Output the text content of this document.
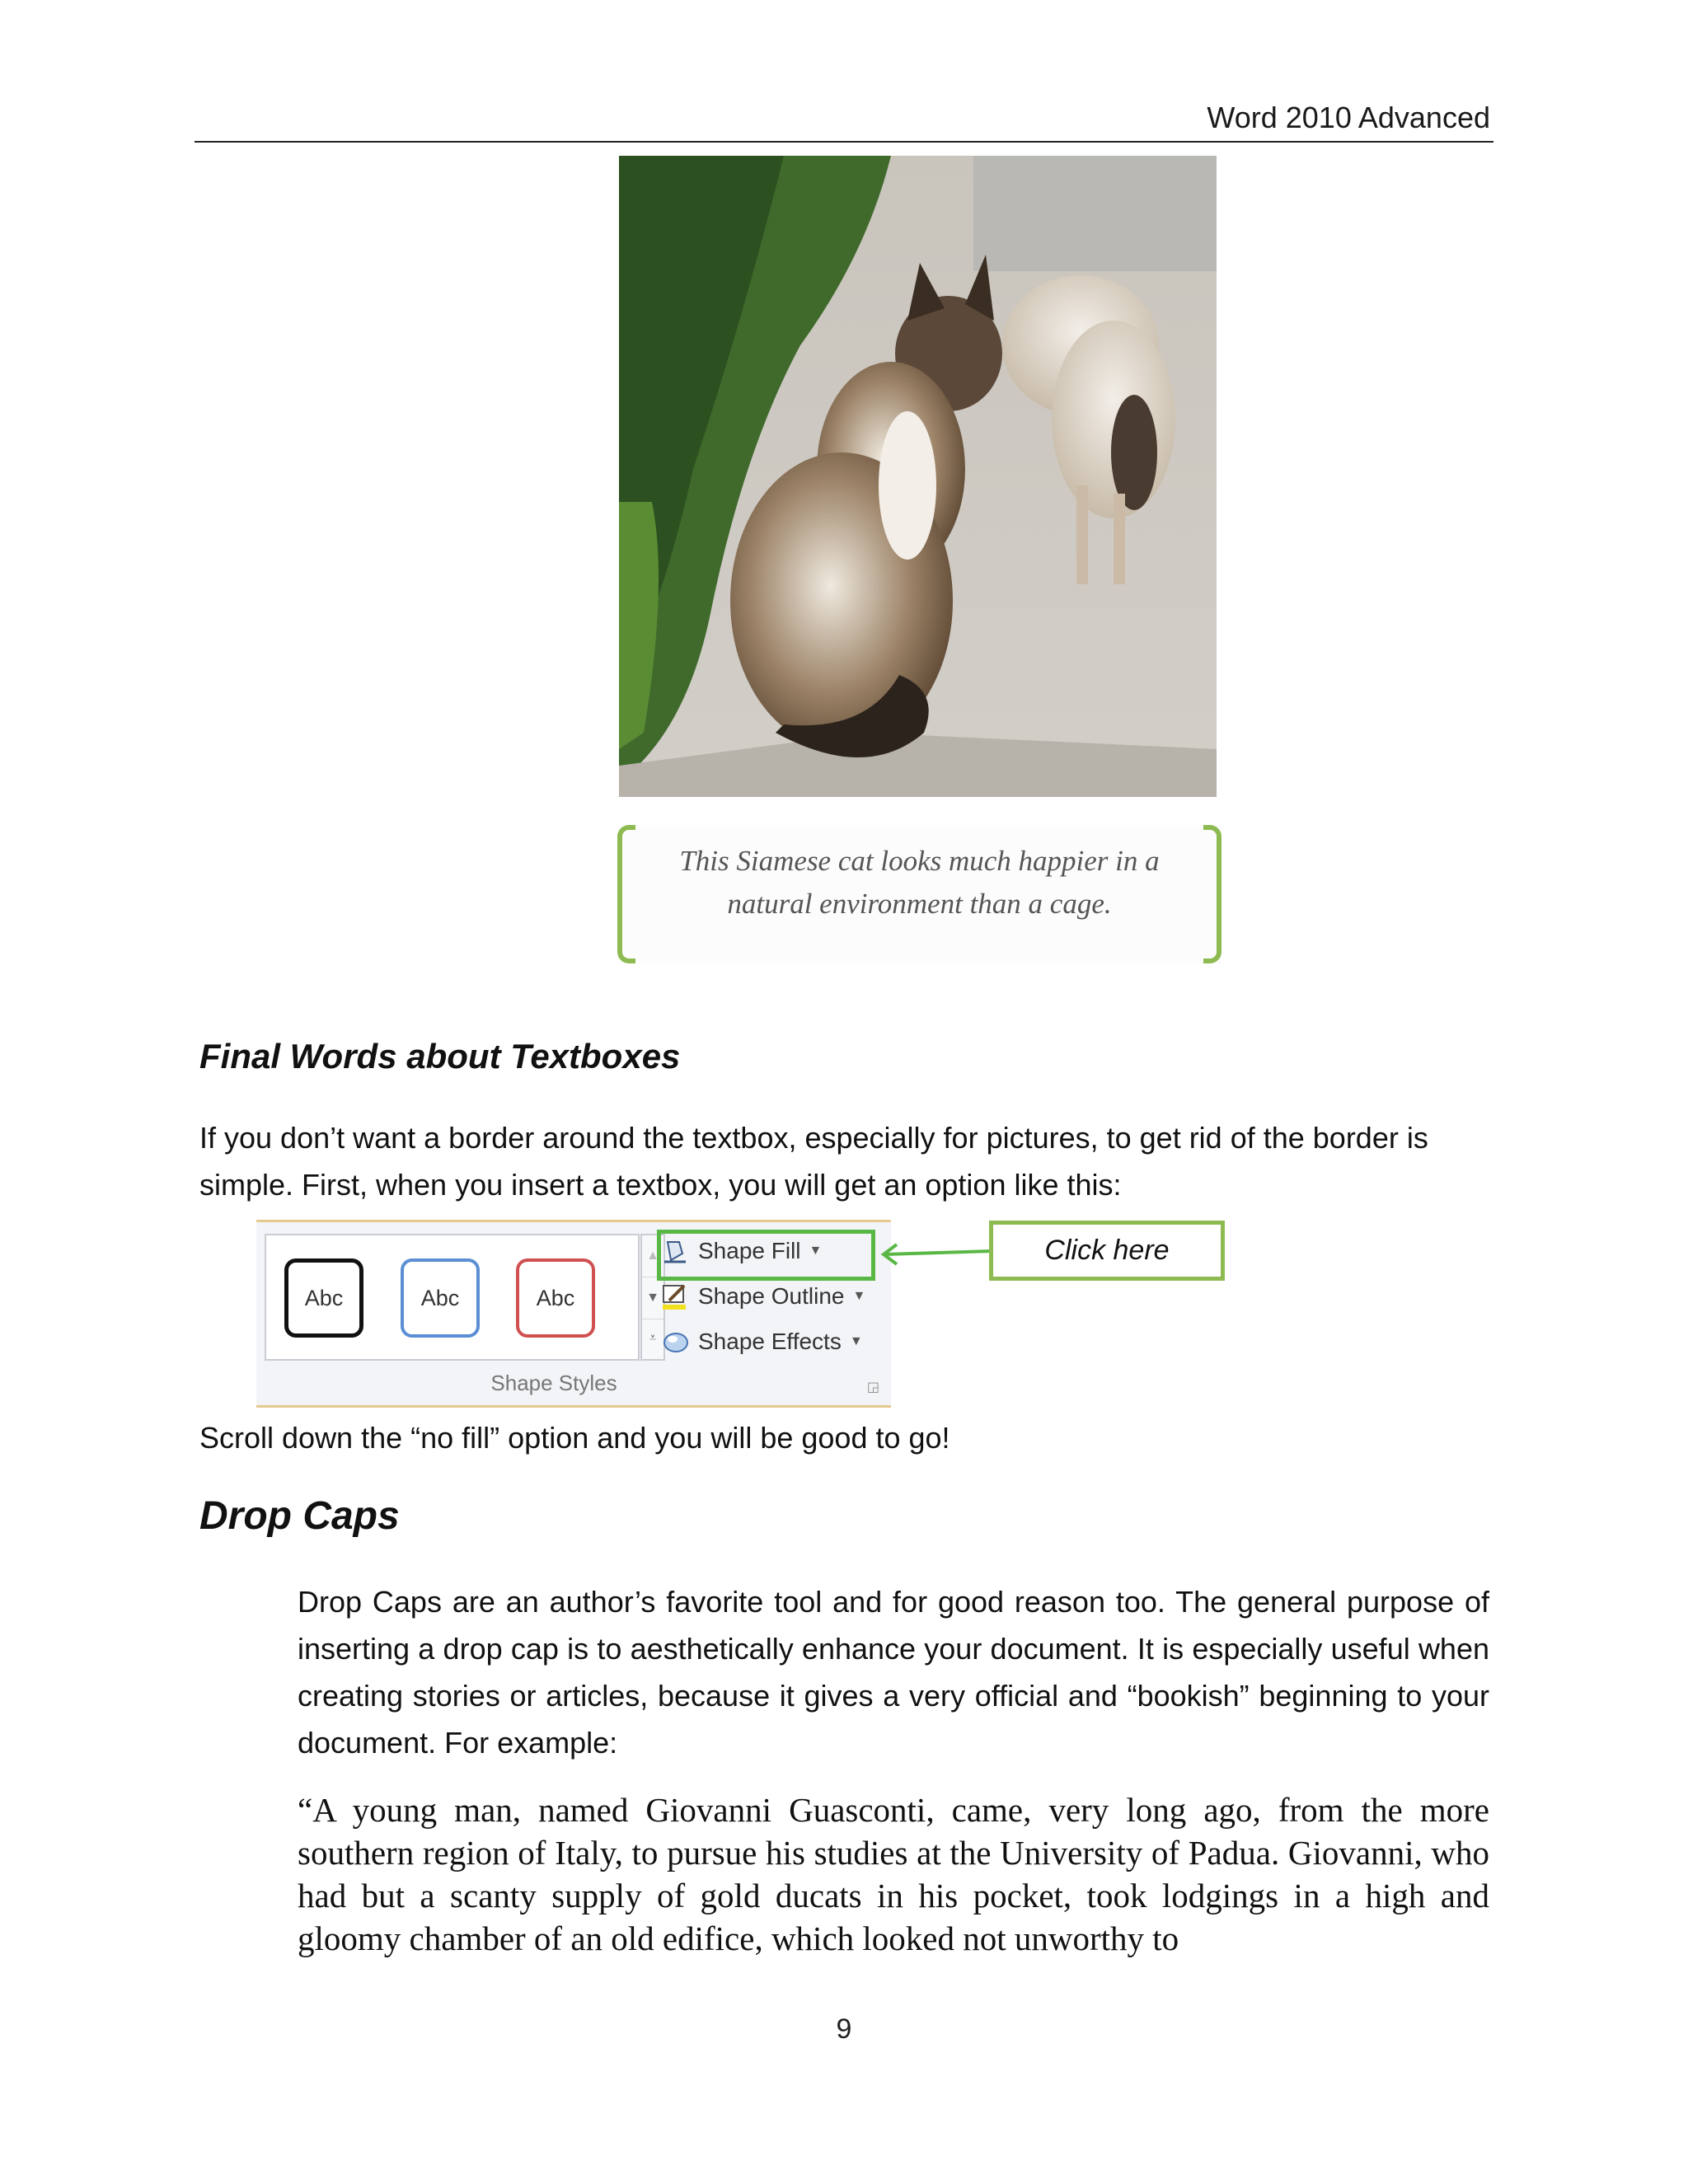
Word 2010 Advanced
This Siamese cat looks much happier in a natural environment than a cage.
Final Words about Textboxes
If you don’t want a border around the textbox, especially for pictures, to get rid of the border is simple. First, when you insert a textbox, you will get an option like this:
Abc	Abc	Abc
▲
▼
⩡
Shape Fill ▼
Shape Outline ▼
Shape Effects ▼
Shape Styles	◲
Click here
Scroll down the “no fill” option and you will be good to go!
Drop Caps
Drop Caps are an author’s favorite tool and for good reason too. The general purpose of inserting a drop cap is to aesthetically enhance your document. It is especially useful when creating stories or articles, because it gives a very official and “bookish” beginning to your document. For example:
“A young man, named Giovanni Guasconti, came, very long ago, from the more southern region of Italy, to pursue his studies at the University of Padua. Giovanni, who had but a scanty supply of gold ducats in his pocket, took lodgings in a high and gloomy chamber of an old edifice, which looked not unworthy to
9
